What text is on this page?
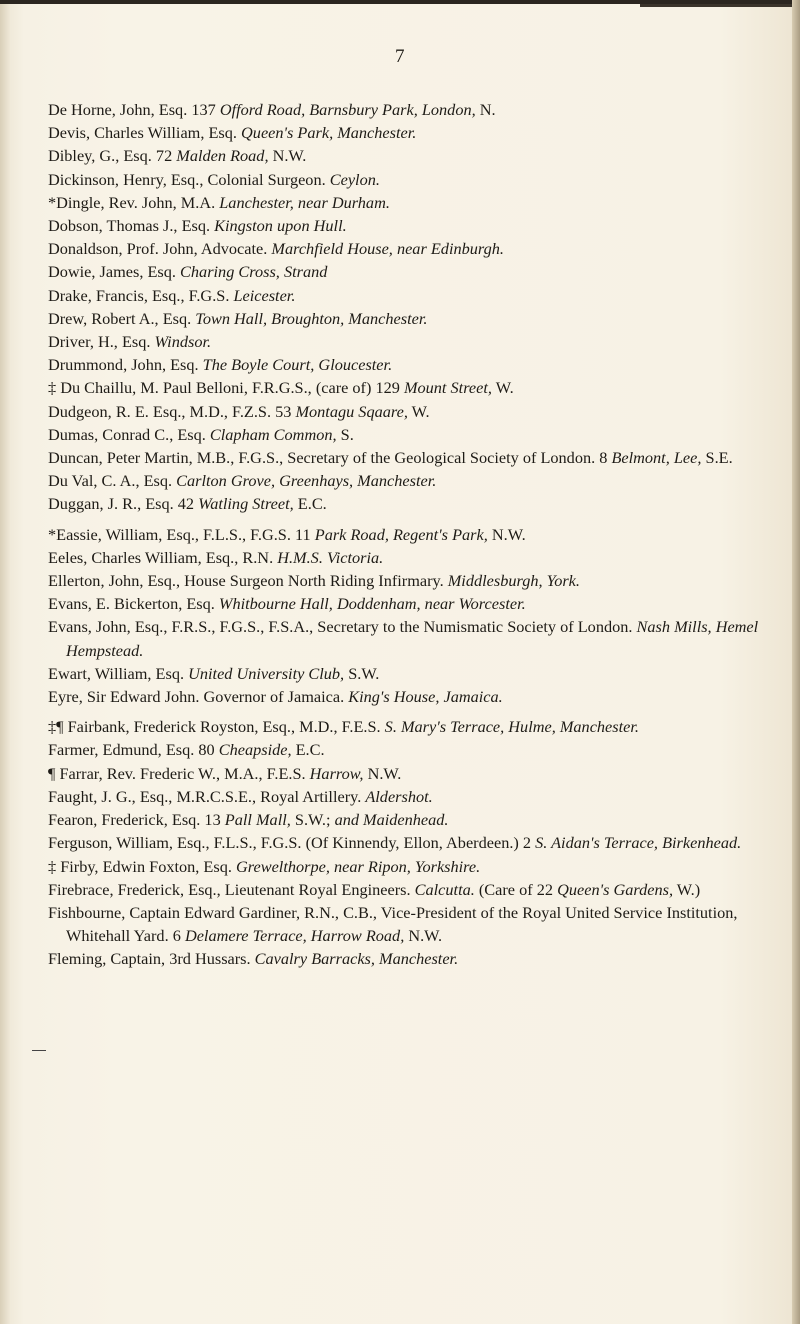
7
De Horne, John, Esq. 137 Offord Road, Barnsbury Park, London, N.
Devis, Charles William, Esq. Queen's Park, Manchester.
Dibley, G., Esq. 72 Malden Road, N.W.
Dickinson, Henry, Esq., Colonial Surgeon. Ceylon.
*Dingle, Rev. John, M.A. Lanchester, near Durham.
Dobson, Thomas J., Esq. Kingston upon Hull.
Donaldson, Prof. John, Advocate. Marchfield House, near Edinburgh.
Dowie, James, Esq. Charing Cross, Strand
Drake, Francis, Esq., F.G.S. Leicester.
Drew, Robert A., Esq. Town Hall, Broughton, Manchester.
Driver, H., Esq. Windsor.
Drummond, John, Esq. The Boyle Court, Gloucester.
‡ Du Chaillu, M. Paul Belloni, F.R.G.S., (care of) 129 Mount Street, W.
Dudgeon, R. E. Esq., M.D., F.Z.S. 53 Montagu Sqaare, W.
Dumas, Conrad C., Esq. Clapham Common, S.
Duncan, Peter Martin, M.B., F.G.S., Secretary of the Geological Society of London. 8 Belmont, Lee, S.E.
Du Val, C. A., Esq. Carlton Grove, Greenhays, Manchester.
Duggan, J. R., Esq. 42 Watling Street, E.C.
*Eassie, William, Esq., F.L.S., F.G.S. 11 Park Road, Regent's Park, N.W.
Eeles, Charles William, Esq., R.N. H.M.S. Victoria.
Ellerton, John, Esq., House Surgeon North Riding Infirmary. Middlesburgh, York.
Evans, E. Bickerton, Esq. Whitbourne Hall, Doddenham, near Worcester.
Evans, John, Esq., F.R.S., F.G.S., F.S.A., Secretary to the Numismatic Society of London. Nash Mills, Hemel Hempstead.
Ewart, William, Esq. United University Club, S.W.
Eyre, Sir Edward John. Governor of Jamaica. King's House, Jamaica.
‡¶ Fairbank, Frederick Royston, Esq., M.D., F.E.S. S. Mary's Terrace, Hulme, Manchester.
Farmer, Edmund, Esq. 80 Cheapside, E.C.
¶ Farrar, Rev. Frederic W., M.A., F.E.S. Harrow, N.W.
Faught, J. G., Esq., M.R.C.S.E., Royal Artillery. Aldershot.
Fearon, Frederick, Esq. 13 Pall Mall, S.W.; and Maidenhead.
Ferguson, William, Esq., F.L.S., F.G.S. (Of Kinnendy, Ellon, Aberdeen.) 2 S. Aidan's Terrace, Birkenhead.
‡ Firby, Edwin Foxton, Esq. Grewelthorpe, near Ripon, Yorkshire.
Firebrace, Frederick, Esq., Lieutenant Royal Engineers. Calcutta. (Care of 22 Queen's Gardens, W.)
Fishbourne, Captain Edward Gardiner, R.N., C.B., Vice-President of the Royal United Service Institution, Whitehall Yard. 6 Delamere Terrace, Harrow Road, N.W.
Fleming, Captain, 3rd Hussars. Cavalry Barracks, Manchester.
